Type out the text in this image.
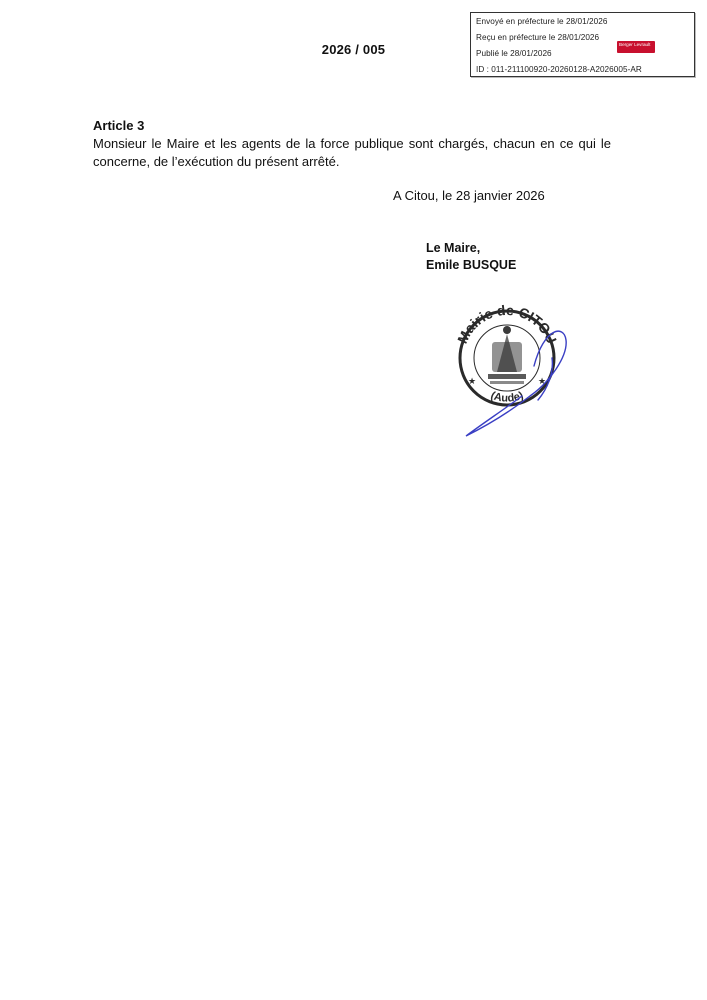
Envoyé en préfecture le 28/01/2026
Reçu en préfecture le 28/01/2026
Publié le 28/01/2026
ID : 011-211100920-20260128-A2026005-AR
Berger Levrault
2026 / 005
Article 3
Monsieur le Maire et les agents de la force publique sont chargés, chacun en ce qui le concerne, de l’exécution du présent arrêté.
A Citou, le 28 janvier 2026
Le Maire,
Emile BUSQUE
Mairie de CITOU
(Aude)
★	★
